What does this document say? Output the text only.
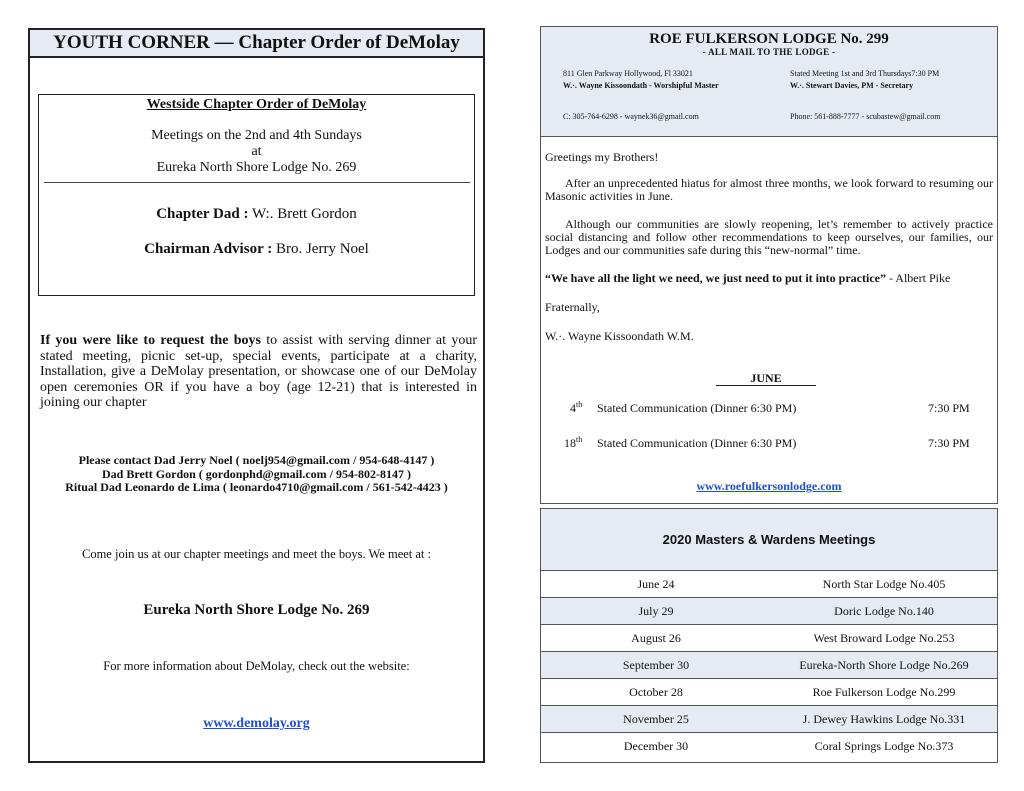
YOUTH CORNER — Chapter Order of DeMolay
Westside Chapter Order of DeMolay
Meetings on the 2nd and 4th Sundays
at
Eureka North Shore Lodge No. 269
Chapter Dad : W:. Brett Gordon
Chairman Advisor : Bro. Jerry Noel
If you were like to request the boys to assist with serving dinner at your stated meeting, picnic set-up, special events, participate at a charity, Installation, give a DeMolay presentation, or showcase one of our DeMolay open ceremonies OR if you have a boy (age 12-21) that is interested in joining our chapter
Please contact Dad Jerry Noel ( noelj954@gmail.com / 954-648-4147 )
Dad Brett Gordon ( gordonphd@gmail.com / 954-802-8147 )
Ritual Dad Leonardo de Lima ( leonardo4710@gmail.com / 561-542-4423 )
Come join us at our chapter meetings and meet the boys. We meet at :
Eureka North Shore Lodge No. 269
For more information about DeMolay, check out the website:
www.demolay.org
ROE FULKERSON LODGE No. 299
- ALL MAIL TO THE LODGE -
811 Glen Parkway Hollywood, Fl 33021
W.·. Wayne Kissoondath - Worshipful Master
C: 305-764-6298 - waynek36@gmail.com
Stated Meeting 1st and 3rd Thursdays7:30 PM
W.·. Stewart Davies, PM - Secretary
Phone: 561-888-7777 - scubastew@gmail.com
Greetings my Brothers!
After an unprecedented hiatus for almost three months, we look forward to resuming our Masonic activities in June.
Although our communities are slowly reopening, let’s remember to actively practice social distancing and follow other recommendations to keep ourselves, our families, our Lodges and our communities safe during this “new-normal” time.
“We have all the light we need, we just need to put it into practice” - Albert Pike
Fraternally,
W.·. Wayne Kissoondath W.M.
JUNE
4th Stated Communication (Dinner 6:30 PM)	7:30 PM
18th Stated Communication (Dinner 6:30 PM)	7:30 PM
www.roefulkersonlodge.com
2020 Masters & Wardens Meetings
June 24	North Star Lodge No.405
July 29	Doric Lodge No.140
August 26	West Broward Lodge No.253
September 30	Eureka-North Shore Lodge No.269
October 28	Roe Fulkerson Lodge No.299
November 25	J. Dewey Hawkins Lodge No.331
December 30	Coral Springs Lodge No.373
